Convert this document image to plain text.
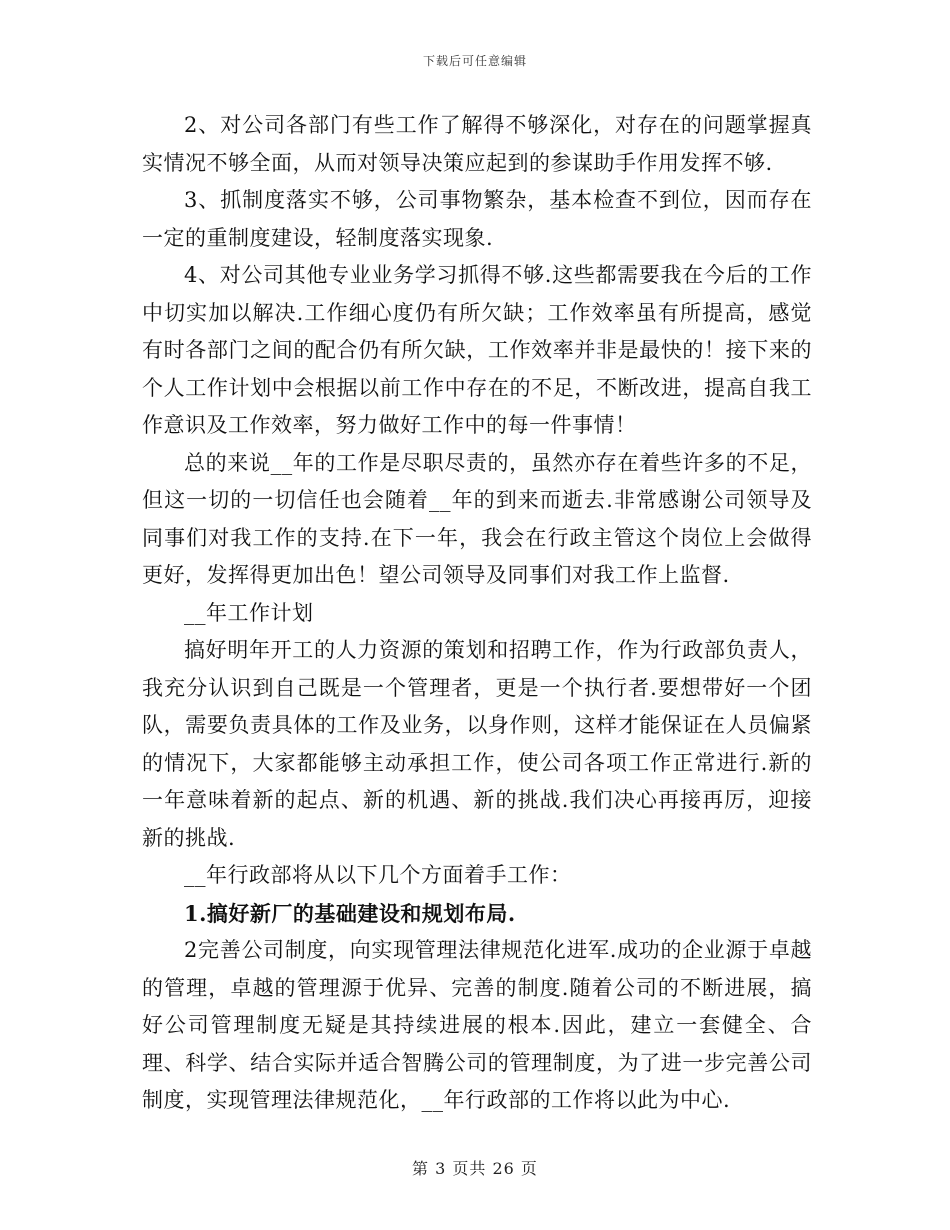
下载后可任意编辑

2、对公司各部门有些工作了解得不够深化，对存在的问题掌握真实情况不够全面，从而对领导决策应起到的参谋助手作用发挥不够.

3、抓制度落实不够，公司事物繁杂，基本检查不到位，因而存在一定的重制度建设，轻制度落实现象.

4、对公司其他专业业务学习抓得不够.这些都需要我在今后的工作中切实加以解决.工作细心度仍有所欠缺；工作效率虽有所提高，感觉有时各部门之间的配合仍有所欠缺，工作效率并非是最快的！接下来的个人工作计划中会根据以前工作中存在的不足，不断改进，提高自我工作意识及工作效率，努力做好工作中的每一件事情！

总的来说__年的工作是尽职尽责的，虽然亦存在着些许多的不足，但这一切的一切信任也会随着__年的到来而逝去.非常感谢公司领导及同事们对我工作的支持.在下一年，我会在行政主管这个岗位上会做得更好，发挥得更加出色！望公司领导及同事们对我工作上监督.

__年工作计划

搞好明年开工的人力资源的策划和招聘工作，作为行政部负责人，我充分认识到自己既是一个管理者，更是一个执行者.要想带好一个团队，需要负责具体的工作及业务，以身作则，这样才能保证在人员偏紧的情况下，大家都能够主动承担工作，使公司各项工作正常进行.新的一年意味着新的起点、新的机遇、新的挑战.我们决心再接再厉，迎接新的挑战.

__年行政部将从以下几个方面着手工作：

1.搞好新厂的基础建设和规划布局.

2完善公司制度，向实现管理法律规范化进军.成功的企业源于卓越的管理，卓越的管理源于优异、完善的制度.随着公司的不断进展，搞好公司管理制度无疑是其持续进展的根本.因此，建立一套健全、合理、科学、结合实际并适合智腾公司的管理制度，为了进一步完善公司制度，实现管理法律规范化，__年行政部的工作将以此为中心.

第 3 页共 26 页
